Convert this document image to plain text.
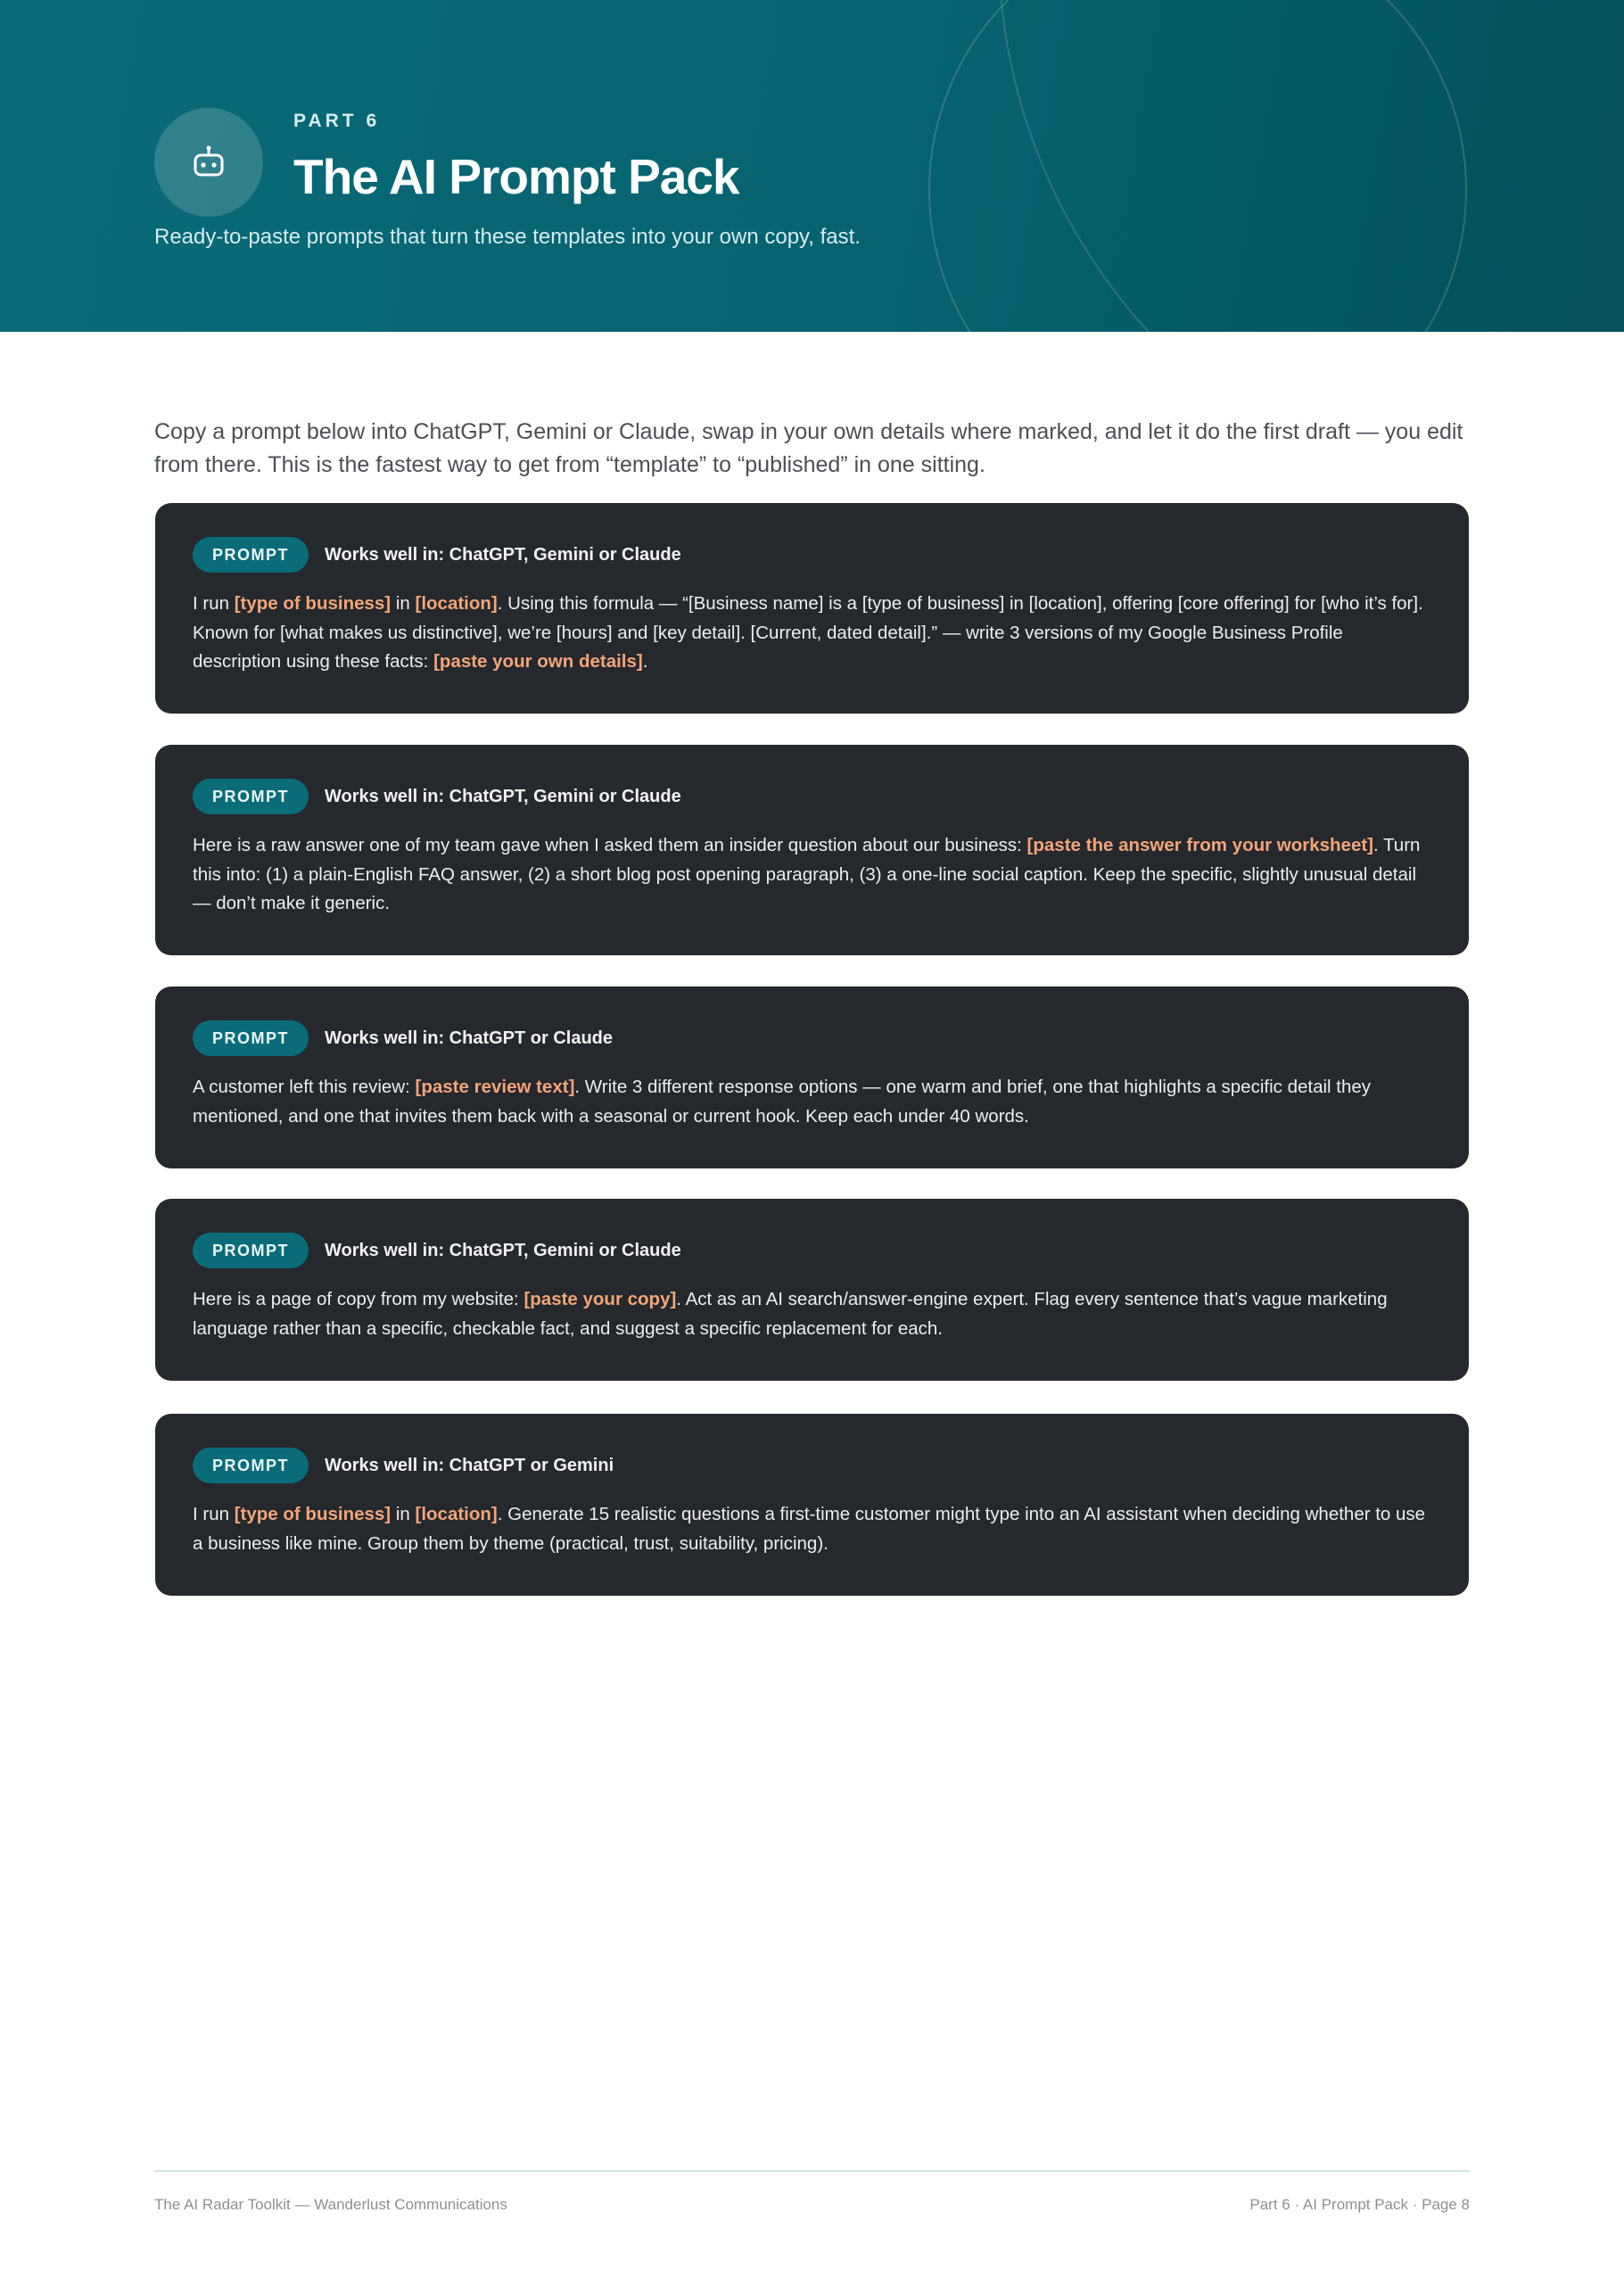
PART 6
The AI Prompt Pack
Ready-to-paste prompts that turn these templates into your own copy, fast.

Copy a prompt below into ChatGPT, Gemini or Claude, swap in your own details where marked, and let it do the first draft — you edit from there. This is the fastest way to get from “template” to “published” in one sitting.

PROMPT	Works well in: ChatGPT, Gemini or Claude

I run [type of business] in [location]. Using this formula — “[Business name] is a [type of business] in [location], offering [core offering] for [who it’s for]. Known for [what makes us distinctive], we’re [hours] and [key detail]. [Current, dated detail].” — write 3 versions of my Google Business Profile description using these facts: [paste your own details].

PROMPT	Works well in: ChatGPT, Gemini or Claude

Here is a raw answer one of my team gave when I asked them an insider question about our business: [paste the answer from your worksheet]. Turn this into: (1) a plain-English FAQ answer, (2) a short blog post opening paragraph, (3) a one-line social caption. Keep the specific, slightly unusual detail — don’t make it generic.

PROMPT	Works well in: ChatGPT or Claude

A customer left this review: [paste review text]. Write 3 different response options — one warm and brief, one that highlights a specific detail they mentioned, and one that invites them back with a seasonal or current hook. Keep each under 40 words.

PROMPT	Works well in: ChatGPT, Gemini or Claude

Here is a page of copy from my website: [paste your copy]. Act as an AI search/answer-engine expert. Flag every sentence that’s vague marketing language rather than a specific, checkable fact, and suggest a specific replacement for each.

PROMPT	Works well in: ChatGPT or Gemini

I run [type of business] in [location]. Generate 15 realistic questions a first-time customer might type into an AI assistant when deciding whether to use a business like mine. Group them by theme (practical, trust, suitability, pricing).

The AI Radar Toolkit — Wanderlust Communications	Part 6 · AI Prompt Pack · Page 8
